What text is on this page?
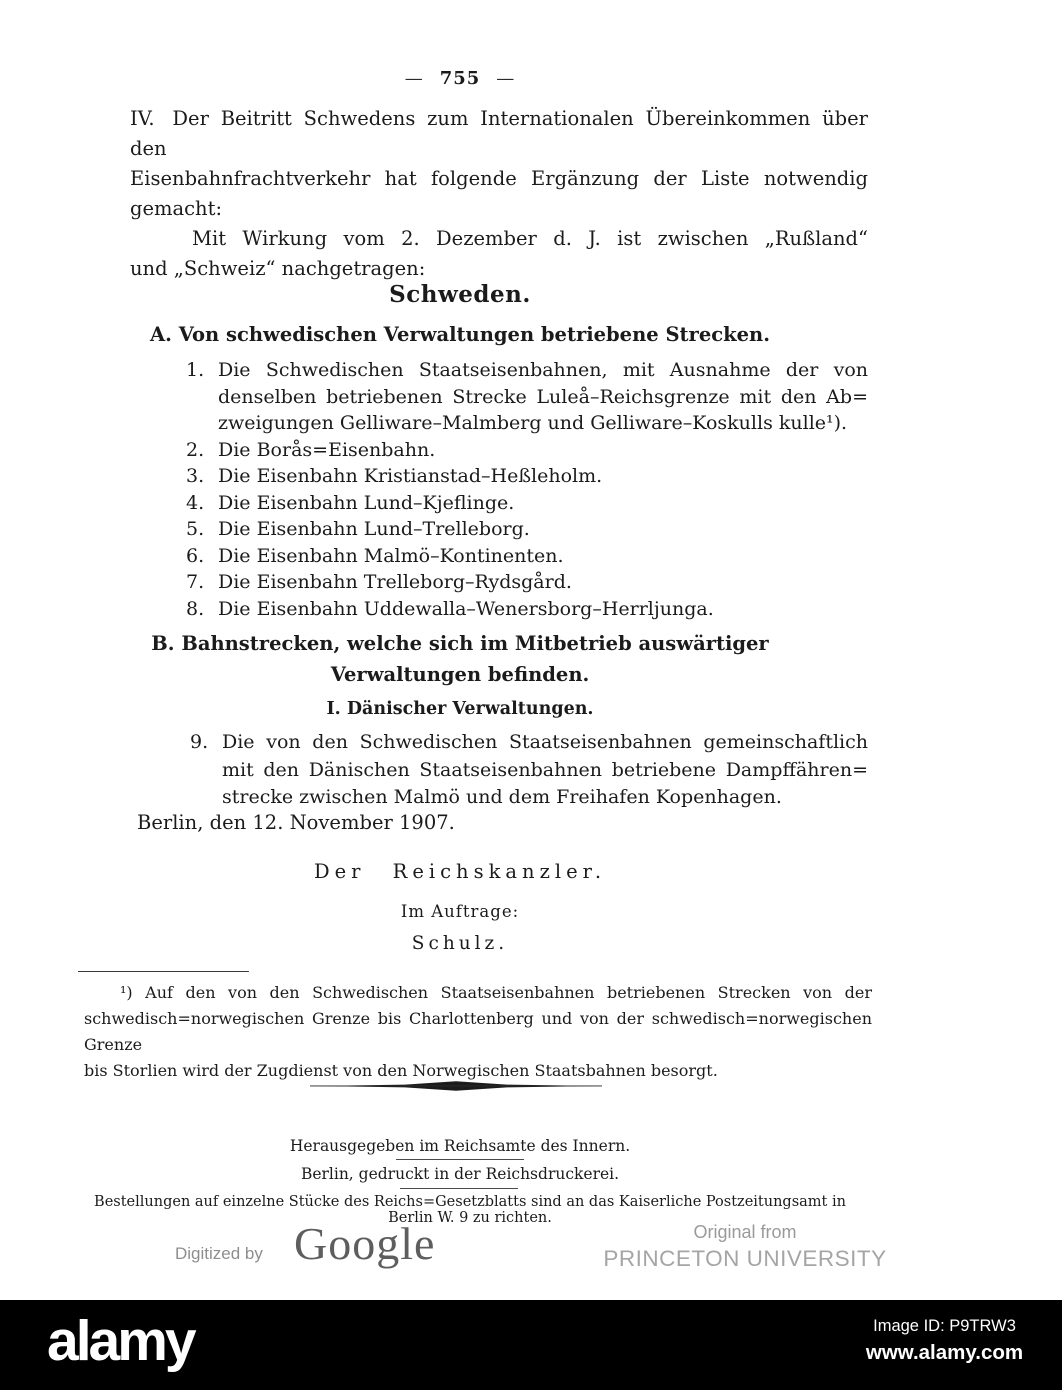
— 755 —
IV. Der Beitritt Schwedens zum Internationalen Übereinkommen über den
Eisenbahnfrachtverkehr hat folgende Ergänzung der Liste notwendig
gemacht:
Mit Wirkung vom 2. Dezember d. J. ist zwischen „Rußland“
und „Schweiz“ nachgetragen:
Schweden.
A. Von schwedischen Verwaltungen betriebene Strecken.
1. Die Schwedischen Staatseisenbahnen, mit Ausnahme der von
denselben betriebenen Strecke Luleå–Reichsgrenze mit den Ab=
zweigungen Gelliware–Malmberg und Gelliware–Koskulls kulle¹).
2. Die Borås=Eisenbahn.
3. Die Eisenbahn Kristianstad–Heßleholm.
4. Die Eisenbahn Lund–Kjeflinge.
5. Die Eisenbahn Lund–Trelleborg.
6. Die Eisenbahn Malmö–Kontinenten.
7. Die Eisenbahn Trelleborg–Rydsgård.
8. Die Eisenbahn Uddewalla–Wenersborg–Herrljunga.
B. Bahnstrecken, welche sich im Mitbetrieb auswärtiger
Verwaltungen befinden.
I. Dänischer Verwaltungen.
9. Die von den Schwedischen Staatseisenbahnen gemeinschaftlich
mit den Dänischen Staatseisenbahnen betriebene Dampffähren=
strecke zwischen Malmö und dem Freihafen Kopenhagen.
Berlin, den 12. November 1907.
Der Reichskanzler.
Im Auftrage:
Schulz.
¹) Auf den von den Schwedischen Staatseisenbahnen betriebenen Strecken von der
schwedisch=norwegischen Grenze bis Charlottenberg und von der schwedisch=norwegischen Grenze
bis Storlien wird der Zugdienst von den Norwegischen Staatsbahnen besorgt.
Herausgegeben im Reichsamte des Innern.
Berlin, gedruckt in der Reichsdruckerei.
Bestellungen auf einzelne Stücke des Reichs=Gesetzblatts sind an das Kaiserliche Postzeitungsamt in Berlin W. 9 zu richten.
Digitized by Google	Original from
PRINCETON UNIVERSITY
alamy	Image ID: P9TRW3
www.alamy.com
